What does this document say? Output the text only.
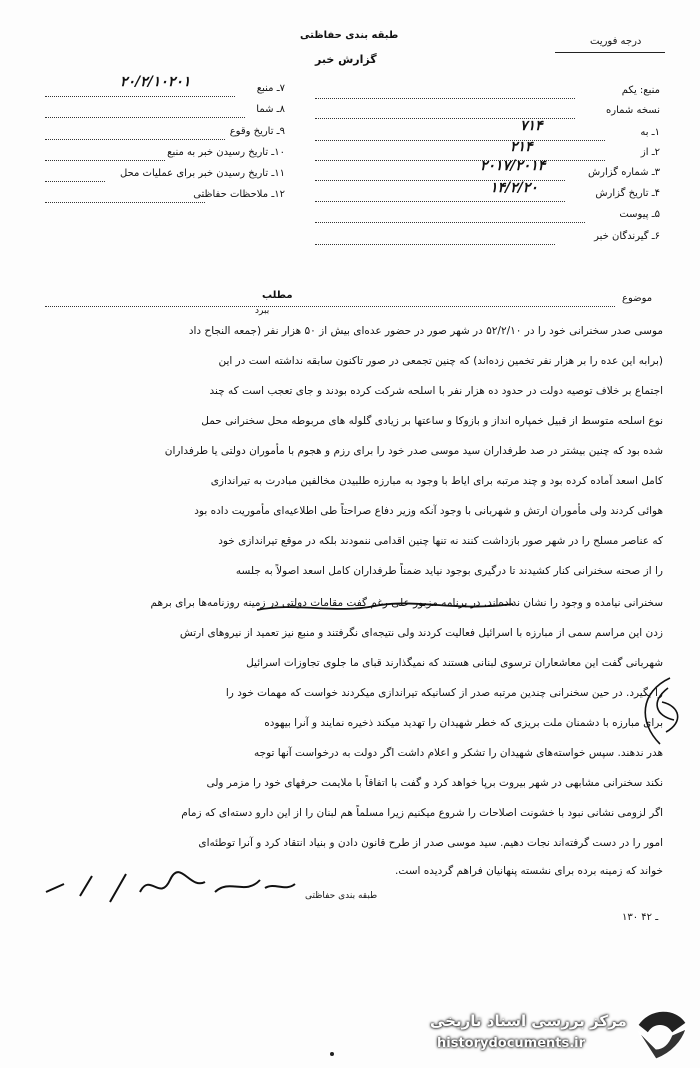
طبقه بندی حفاظتی
گزارش خبر
درجه فوریت
۷ـ منبع
۲۰/۲/۱۰۲۰۱
۸ـ شما
۹ـ تاریخ وقوع
۱۰ـ تاریخ رسیدن خبر به منبع
۱۱ـ تاریخ رسیدن خبر برای عملیات محل
۱۲ـ ملاحظات حفاظتی
منبع: یکم
نسخه شماره
۱ـ به
۷۱۴
۲ـ از
۲۱۴
۳ـ شماره گزارش
۲۰۱۷/۲۰۱۴
۴ـ تاریخ گزارش
۱۴/۲/۲۰
۵ـ پیوست
۶ـ گیرندگان خبر
موضوع
مطلب
ببرد
موسی صدر سخنرانی خود را در ۵۲/۲/۱۰ در شهر صور در حضور عده‌ای بیش از ۵۰ هزار نفر (جمعه النجاح داد
(برابه این عده را بر هزار نفر تخمین زده‌اند) که چنین تجمعی در صور تاکنون سابقه نداشته است در این
اجتماع بر خلاف توصیه دولت در حدود ده هزار نفر با اسلحه شرکت کرده بودند و جای تعجب است که چند
نوع اسلحه متوسط از قبیل خمپاره انداز و بازوکا و ساعتها بر زیادی گلوله های مربوطه محل سخنرانی حمل
شده بود که چنین بیشتر در صد طرفداران سید موسی صدر خود را برای رزم و هجوم با مأموران دولتی یا طرفداران
کامل اسعد آماده کرده بود و چند مرتبه برای ایاط با وجود به مبارزه طلبیدن مخالفین مبادرت به تیراندازی
هوائی کردند ولی مأموران ارتش و شهربانی با وجود آنکه وزیر دفاع صراحتاً طی اطلاعیه‌ای مأموریت داده بود
که عناصر مسلح را در شهر صور بازداشت کنند نه تنها چنین اقدامی ننمودند بلکه در موقع تیراندازی خود
را از صحنه سخنرانی کنار کشیدند تا درگیری بوجود نیاید ضمناً طرفداران کامل اسعد اصولاً به جلسه
سخنرانی نیامده و وجود را نشان نداده‌اند. در برنامه مزبور علی رغم گفت مقامات دولتی در زمینه روزنامه‌ها برای برهم
زدن این مراسم سمی از مبارزه با اسرائیل فعالیت کردند ولی نتیجه‌ای نگرفتند و منبع نیز تعمید از نیروهای ارتش
شهربانی گفت این معاشعاران ترسوی لبنانی هستند که نمیگذارند قبای ما جلوی تجاوزات اسرائیل
را بگیرد. در حین سخنرانی چندین مرتبه صدر از کسانیکه تیراندازی میکردند خواست که مهمات خود را
برای مبارزه با دشمنان ملت بریزی که خطر شهیدان را تهدید میکند ذخیره نمایند و آنرا بیهوده
هدر ندهند. سپس خواسته‌های شهیدان را تشکر و اعلام داشت اگر دولت به درخواست آنها توجه
نکند سخنرانی مشابهی در شهر بیروت برپا خواهد کرد و گفت با اتفاقاً با ملایمت حرفهای خود را مزمر ولی
اگر لزومی نشانی نبود با خشونت اصلاحات را شروع میکنیم زیرا مسلماً هم لبنان را از این دارو دسته‌ای که زمام
امور را در دست گرفته‌اند نجات دهیم. سید موسی صدر از طرح قانون دادن و بنیاد انتقاد کرد و آنرا توطئه‌ای
خواند که زمینه برده برای نشسته پنهانیان فراهم گردیده است.
طبقه بندی حفاظتی
۱۳۰ ـ ۴۲
مرکز بررسی اسناد تاریخی
historydocuments.ir
